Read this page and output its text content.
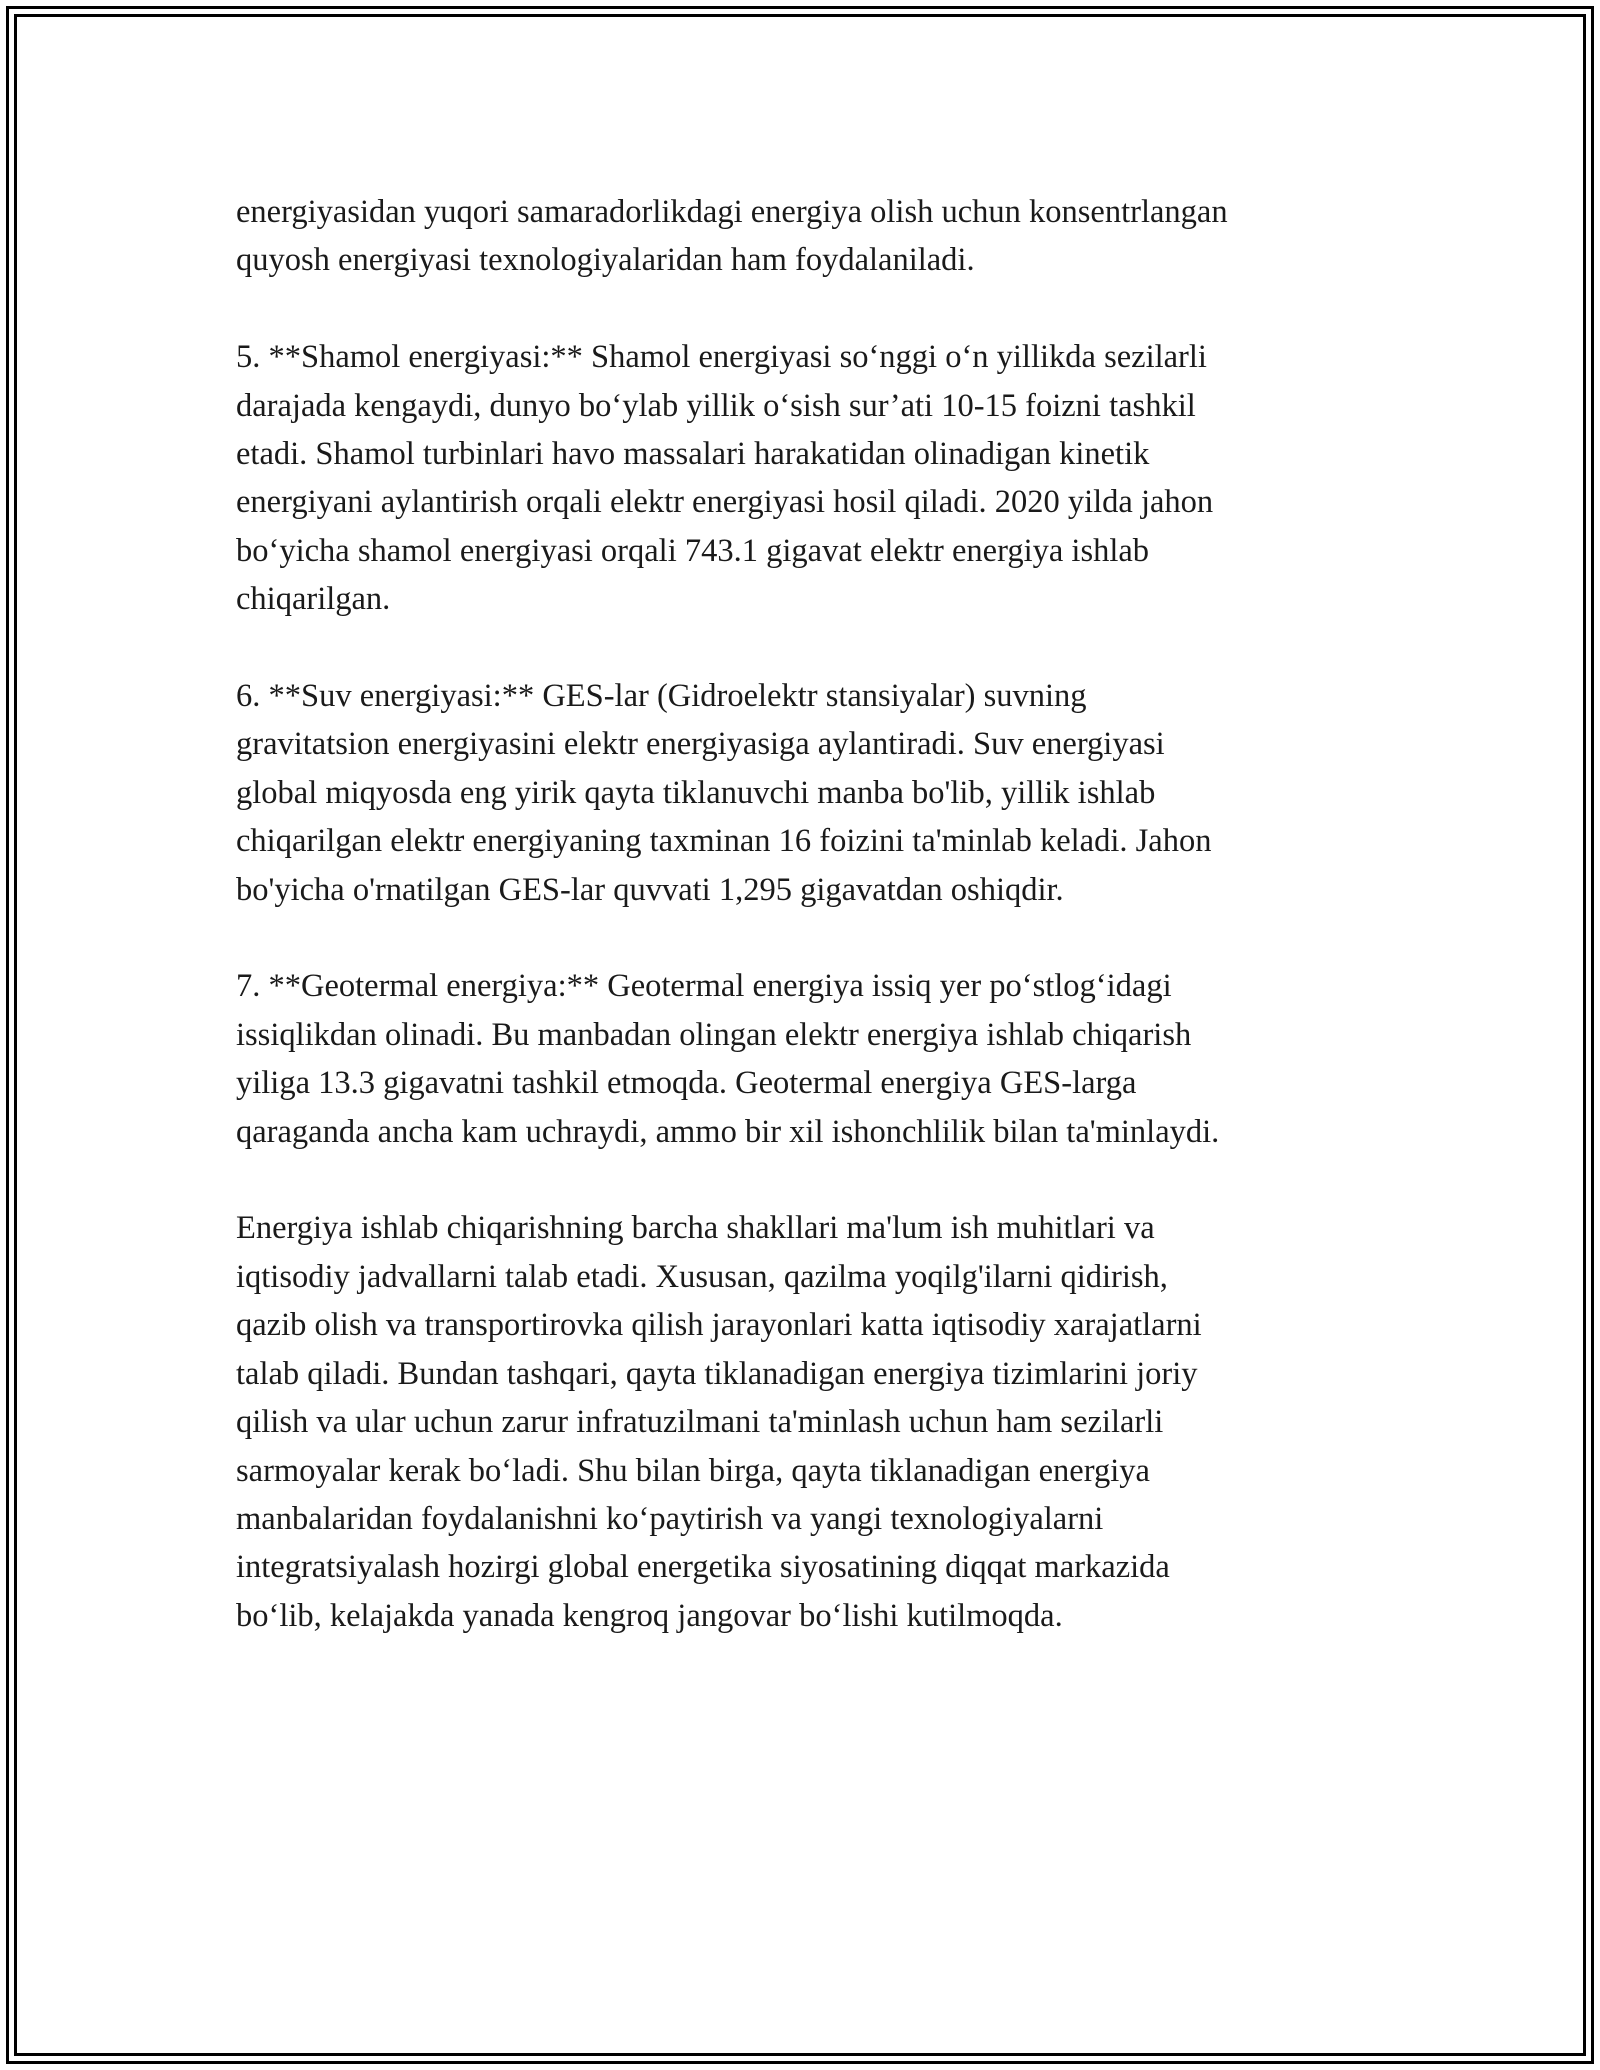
energiyasidan yuqori samaradorlikdagi energiya olish uchun konsentrlangan
quyosh energiyasi texnologiyalaridan ham foydalaniladi.

5. **Shamol energiyasi:** Shamol energiyasi so‘nggi o‘n yillikda sezilarli
darajada kengaydi, dunyo bo‘ylab yillik o‘sish sur’ati 10-15 foizni tashkil
etadi. Shamol turbinlari havo massalari harakatidan olinadigan kinetik
energiyani aylantirish orqali elektr energiyasi hosil qiladi. 2020 yilda jahon
bo‘yicha shamol energiyasi orqali 743.1 gigavat elektr energiya ishlab
chiqarilgan.

6. **Suv energiyasi:** GES-lar (Gidroelektr stansiyalar) suvning
gravitatsion energiyasini elektr energiyasiga aylantiradi. Suv energiyasi
global miqyosda eng yirik qayta tiklanuvchi manba bo'lib, yillik ishlab
chiqarilgan elektr energiyaning taxminan 16 foizini ta'minlab keladi. Jahon
bo'yicha o'rnatilgan GES-lar quvvati 1,295 gigavatdan oshiqdir.

7. **Geotermal energiya:** Geotermal energiya issiq yer po‘stlog‘idagi
issiqlikdan olinadi. Bu manbadan olingan elektr energiya ishlab chiqarish
yiliga 13.3 gigavatni tashkil etmoqda. Geotermal energiya GES-larga
qaraganda ancha kam uchraydi, ammo bir xil ishonchlilik bilan ta'minlaydi.

Energiya ishlab chiqarishning barcha shakllari ma'lum ish muhitlari va
iqtisodiy jadvallarni talab etadi. Xususan, qazilma yoqilg'ilarni qidirish,
qazib olish va transportirovka qilish jarayonlari katta iqtisodiy xarajatlarni
talab qiladi. Bundan tashqari, qayta tiklanadigan energiya tizimlarini joriy
qilish va ular uchun zarur infratuzilmani ta'minlash uchun ham sezilarli
sarmoyalar kerak bo‘ladi. Shu bilan birga, qayta tiklanadigan energiya
manbalaridan foydalanishni ko‘paytirish va yangi texnologiyalarni
integratsiyalash hozirgi global energetika siyosatining diqqat markazida
bo‘lib, kelajakda yanada kengroq jangovar bo‘lishi kutilmoqda.
